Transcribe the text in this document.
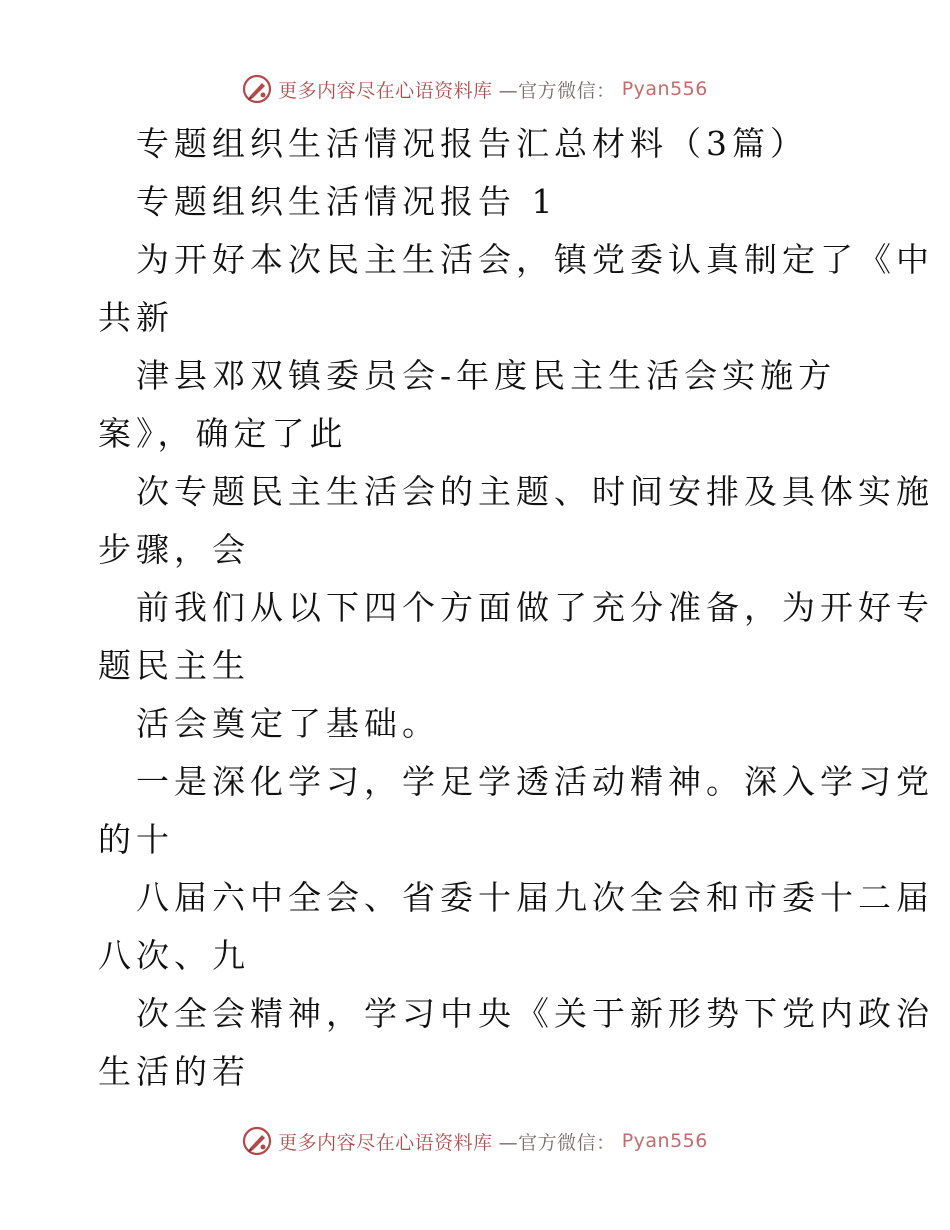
更多内容尽在心语资料库 —官方微信： Pyan556
专题组织生活情况报告汇总材料（3篇）
专题组织生活情况报告 1
为开好本次民主生活会，镇党委认真制定了《中
共新
津县邓双镇委员会-年度民主生活会实施方
案》，确定了此
次专题民主生活会的主题、时间安排及具体实施
步骤，会
前我们从以下四个方面做了充分准备，为开好专
题民主生
活会奠定了基础。
一是深化学习，学足学透活动精神。深入学习党
的十
八届六中全会、省委十届九次全会和市委十二届
八次、九
次全会精神，学习中央《关于新形势下党内政治
生活的若
更多内容尽在心语资料库 —官方微信： Pyan556
